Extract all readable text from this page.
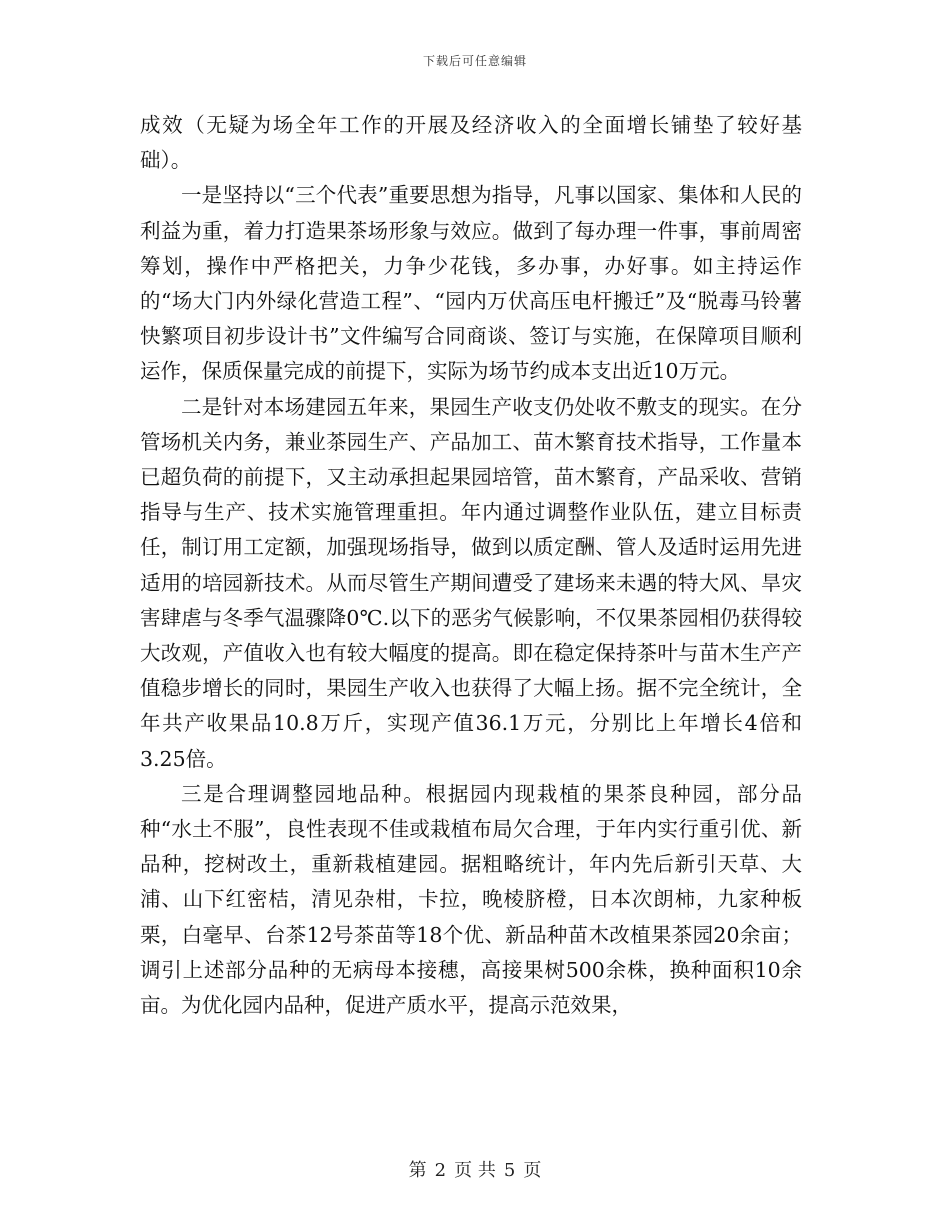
下载后可任意编辑

成效（无疑为场全年工作的开展及经济收入的全面增长铺垫了较好基础）。

一是坚持以“三个代表”重要思想为指导，凡事以国家、集体和人民的利益为重，着力打造果茶场形象与效应。做到了每办理一件事，事前周密筹划，操作中严格把关，力争少花钱，多办事，办好事。如主持运作的“场大门内外绿化营造工程”、“园内万伏高压电杆搬迁”及“脱毒马铃薯快繁项目初步设计书”文件编写合同商谈、签订与实施，在保障项目顺利运作，保质保量完成的前提下，实际为场节约成本支出近10万元。

二是针对本场建园五年来，果园生产收支仍处收不敷支的现实。在分管场机关内务，兼业茶园生产、产品加工、苗木繁育技术指导，工作量本已超负荷的前提下，又主动承担起果园培管，苗木繁育，产品采收、营销指导与生产、技术实施管理重担。年内通过调整作业队伍，建立目标责任，制订用工定额，加强现场指导，做到以质定酬、管人及适时运用先进适用的培园新技术。从而尽管生产期间遭受了建场来未遇的特大风、旱灾害肆虐与冬季气温骤降0℃.以下的恶劣气候影响，不仅果茶园相仍获得较大改观，产值收入也有较大幅度的提高。即在稳定保持茶叶与苗木生产产值稳步增长的同时，果园生产收入也获得了大幅上扬。据不完全统计，全年共产收果品10.8万斤，实现产值36.1万元，分别比上年增长4倍和3.25倍。

三是合理调整园地品种。根据园内现栽植的果茶良种园，部分品种“水土不服”，良性表现不佳或栽植布局欠合理，于年内实行重引优、新品种，挖树改土，重新栽植建园。据粗略统计，年内先后新引天草、大浦、山下红密桔，清见杂柑，卡拉，晚棱脐橙，日本次朗柿，九家种板栗，白毫早、台茶12号茶苗等18个优、新品种苗木改植果茶园20余亩；调引上述部分品种的无病母本接穗，高接果树500余株，换种面积10余亩。为优化园内品种，促进产质水平，提高示范效果，

第 2 页 共 5 页
